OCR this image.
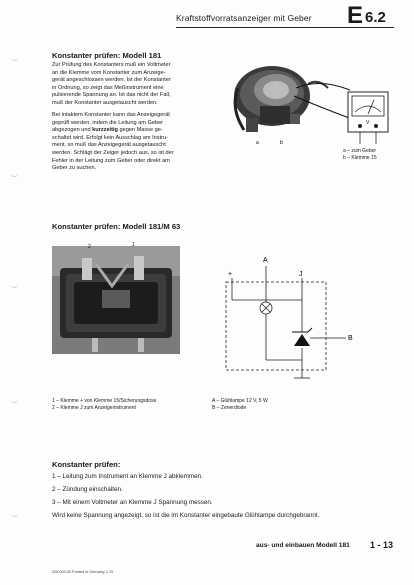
Kraftstoffvorratsanzeiger mit Geber E 6.2
Konstanter prüfen: Modell 181
Zur Prüfung des Konstanters muß ein Voltmeter
an die Klemme vom Konstanter zum Anzeige-
gerät angeschlossen werden. Ist der Konstanter
in Ordnung, so zeigt das Meßinstrument eine
pulsierende Spannung an. Ist das nicht der Fall,
muß der Konstanter ausgetauscht werden.
Bei intaktem Konstanter kann das Anzeigegerät
geprüft werden, indem die Leitung am Geber
abgezogen und kurzzeitig gegen Masse ge-
schaltet wird. Erfolgt kein Ausschlag am Instru-
ment, so muß das Anzeigegerät ausgetauscht
werden. Schlägt der Zeiger jedoch aus, so ist der
Fehler in der Leitung zum Geber oder direkt am
Geber zu suchen.
V
a	b
a – zum Geber
b – Klemme 15
Konstanter prüfen: Modell 181/M 63
2	1
A
+	J
B
1 – Klemme + von Klemme 15/Sicherungsdose
2 – Klemme J zum Anzeigeinstrument
A – Glühlampe 12 V, 5 W
B – Zenerdiode
Konstanter prüfen:
1 – Leitung zum Instrument an Klemme J abklemmen.
2 – Zündung einschalten.
3 – Mit einem Voltmeter an Klemme J Spannung messen.
Wird keine Spannung angezeigt, so ist die im Konstanter eingebaute Glühlampe durchgebrannt.
aus- und einbauen Modell 181 1 - 13
328.000.00 Printed in Germany 1.70
